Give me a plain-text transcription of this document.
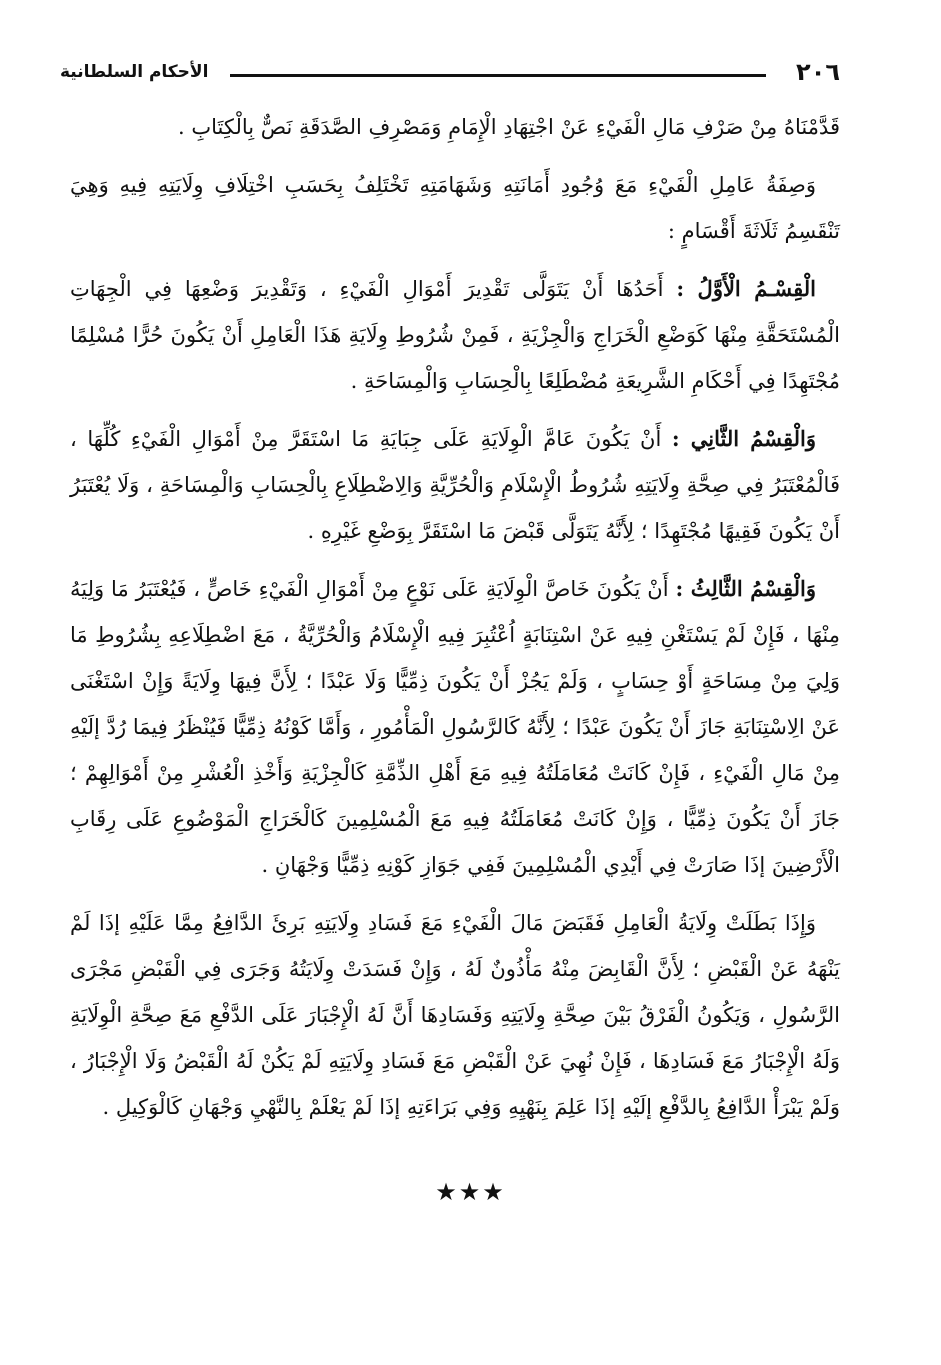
٢٠٦
الأحكام السلطانية

قَدَّمْنَاهُ مِنْ صَرْفِ مَالِ الْفَيْءِ عَنْ اجْتِهَادِ الْإِمَامِ وَمَصْرِفِ الصَّدَقَةِ نَصٌّ بِالْكِتَابِ .

وَصِفَةُ عَامِلِ الْفَيْءِ مَعَ وُجُودِ أَمَانَتِهِ وَشَهَامَتِهِ تَخْتَلِفُ بِحَسَبِ اخْتِلَافِ وِلَايَتِهِ فِيهِ وَهِيَ تَنْقَسِمُ ثَلَاثَةَ أَقْسَامٍ :

الْقِسْـمُ الْأَوَّلُ : أَحَدُهَا أَنْ يَتَوَلَّى تَقْدِيرَ أَمْوَالِ الْفَيْءِ ، وَتَقْدِيرَ وَضْعِهَا فِي الْجِهَاتِ الْمُسْتَحَقَّةِ مِنْهَا كَوَضْعِ الْخَرَاجِ وَالْجِزْيَةِ ، فَمِنْ شُرُوطِ وِلَايَةِ هَذَا الْعَامِلِ أَنْ يَكُونَ حُرًّا مُسْلِمًا مُجْتَهِدًا فِي أَحْكَامِ الشَّرِيعَةِ مُضْطَلِعًا بِالْحِسَابِ وَالْمِسَاحَةِ .

وَالْقِسْمُ الثَّانِي : أَنْ يَكُونَ عَامَّ الْوِلَايَةِ عَلَى جِبَايَةِ مَا اسْتَقَرَّ مِنْ أَمْوَالِ الْفَيْءِ كُلِّهَا ، فَالْمُعْتَبَرُ فِي صِحَّةِ وِلَايَتِهِ شُرُوطُ الْإِسْلَامِ وَالْحُرِّيَّةِ وَالِاضْطِلَاعِ بِالْحِسَابِ وَالْمِسَاحَةِ ، وَلَا يُعْتَبَرُ أَنْ يَكُونَ فَقِيهًا مُجْتَهِدًا ؛ لِأَنَّهُ يَتَوَلَّى قَبْضَ مَا اسْتَقَرَّ بِوَضْعِ غَيْرِهِ .

وَالْقِسْمُ الثَّالِثُ : أَنْ يَكُونَ خَاصَّ الْوِلَايَةِ عَلَى نَوْعٍ مِنْ أَمْوَالِ الْفَيْءِ خَاصٍّ ، فَيُعْتَبَرُ مَا وَلِيَهُ مِنْهَا ، فَإِنْ لَمْ يَسْتَغْنِ فِيهِ عَنْ اسْتِنَابَةٍ اُعْتُبِرَ فِيهِ الْإِسْلَامُ وَالْحُرِّيَّةُ ، مَعَ اضْطِلَاعِهِ بِشُرُوطِ مَا وَلِيَ مِنْ مِسَاحَةٍ أَوْ حِسَابٍ ، وَلَمْ يَجُزْ أَنْ يَكُونَ ذِمِّيًّا وَلَا عَبْدًا ؛ لِأَنَّ فِيهَا وِلَايَةً وَإِنْ اسْتَغْنَى عَنْ الِاسْتِنَابَةِ جَازَ أَنْ يَكُونَ عَبْدًا ؛ لِأَنَّهُ كَالرَّسُولِ الْمَأْمُورِ ، وَأَمَّا كَوْنُهُ ذِمِّيًّا فَيُنْظَرُ فِيمَا رُدَّ إلَيْهِ مِنْ مَالِ الْفَيْءِ ، فَإِنْ كَانَتْ مُعَامَلَتُهُ فِيهِ مَعَ أَهْلِ الذِّمَّةِ كَالْجِزْيَةِ وَأَخْذِ الْعُشْرِ مِنْ أَمْوَالِهِمْ ؛ جَازَ أَنْ يَكُونَ ذِمِّيًّا ، وَإِنْ كَانَتْ مُعَامَلَتُهُ فِيهِ مَعَ الْمُسْلِمِينَ كَالْخَرَاجِ الْمَوْضُوعِ عَلَى رِقَابِ الْأَرْضِينَ إذَا صَارَتْ فِي أَيْدِي الْمُسْلِمِينَ فَفِي جَوَازِ كَوْنِهِ ذِمِّيًّا وَجْهَانِ .

وَإِذَا بَطَلَتْ وِلَايَةُ الْعَامِلِ فَقَبَضَ مَالَ الْفَيْءِ مَعَ فَسَادِ وِلَايَتِهِ بَرِئَ الدَّافِعُ مِمَّا عَلَيْهِ إذَا لَمْ يَنْهَهُ عَنْ الْقَبْضِ ؛ لِأَنَّ الْقَابِضَ مِنْهُ مَأْذُونٌ لَهُ ، وَإِنْ فَسَدَتْ وِلَايَتُهُ وَجَرَى فِي الْقَبْضِ مَجْرَى الرَّسُولِ ، وَيَكُونُ الْفَرْقُ بَيْنَ صِحَّةِ وِلَايَتِهِ وَفَسَادِهَا أَنَّ لَهُ الْإِجْبَارَ عَلَى الدَّفْعِ مَعَ صِحَّةِ الْوِلَايَةِ وَلَهُ الْإِجْبَارُ مَعَ فَسَادِهَا ، فَإِنْ نُهِيَ عَنْ الْقَبْضِ مَعَ فَسَادِ وِلَايَتِهِ لَمْ يَكُنْ لَهُ الْقَبْضُ وَلَا الْإِجْبَارُ ، وَلَمْ يَبْرَأْ الدَّافِعُ بِالدَّفْعِ إلَيْهِ إذَا عَلِمَ بِنَهْيِهِ وَفِي بَرَاءَتِهِ إذَا لَمْ يَعْلَمْ بِالنَّهْيِ وَجْهَانِ كَالْوَكِيلِ .

★★★
